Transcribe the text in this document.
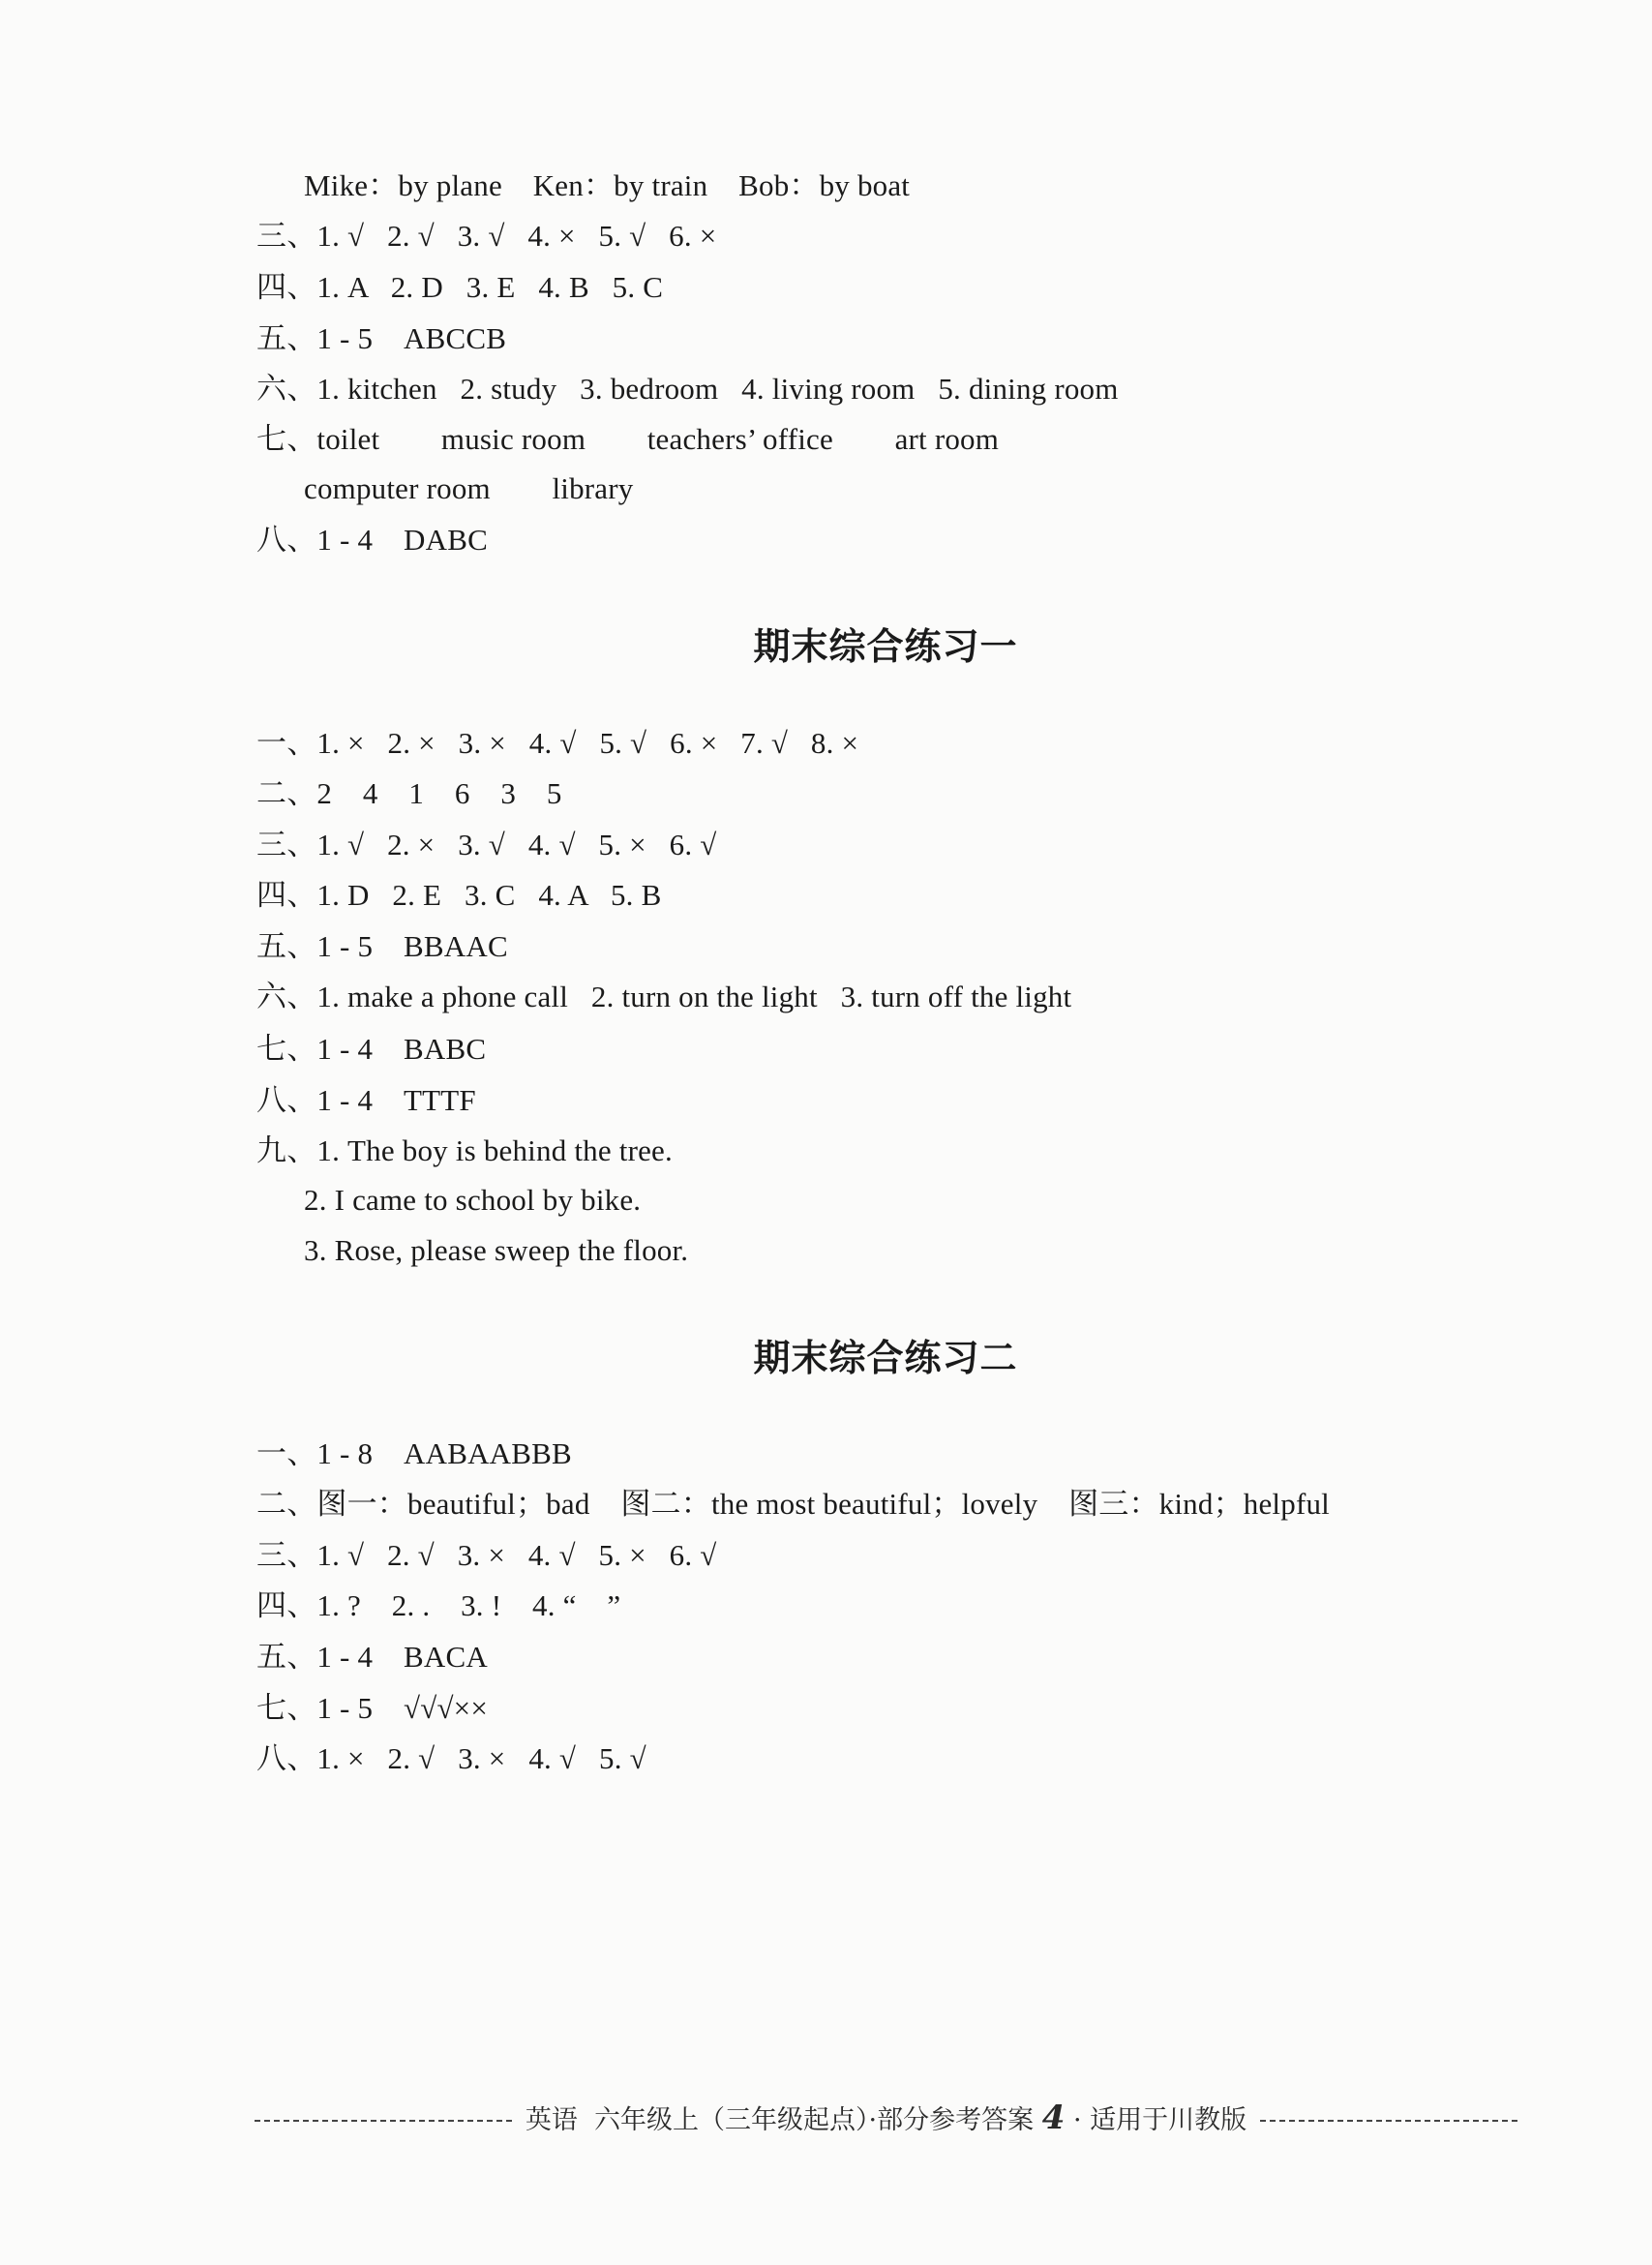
Mike：by plane    Ken：by train    Bob：by boat
三、1. √   2. √   3. √   4. ×   5. √   6. ×
四、1. A   2. D   3. E   4. B   5. C
五、1 - 5    ABCCB
六、1. kitchen   2. study   3. bedroom   4. living room   5. dining room
七、toilet        music room        teachers’ office        art room
computer room        library
八、1 - 4    DABC
期末综合练习一
一、1. ×   2. ×   3. ×   4. √   5. √   6. ×   7. √   8. ×
二、2    4    1    6    3    5
三、1. √   2. ×   3. √   4. √   5. ×   6. √
四、1. D   2. E   3. C   4. A   5. B
五、1 - 5    BBAAC
六、1. make a phone call   2. turn on the light   3. turn off the light
七、1 - 4    BABC
八、1 - 4    TTTF
九、1. The boy is behind the tree.
2. I came to school by bike.
3. Rose, please sweep the floor.
期末综合练习二
一、1 - 8    AABAABBB
二、图一：beautiful；bad    图二：the most beautiful；lovely    图三：kind；helpful
三、1. √   2. √   3. ×   4. √   5. ×   6. √
四、1. ?    2. .    3. !    4. “    ”
五、1 - 4    BACA
七、1 - 5    √√√××
八、1. ×   2. √   3. ×   4. √   5. √
英语  六年级上（三年级起点）·部分参考答案 4 · 适用于川教版
